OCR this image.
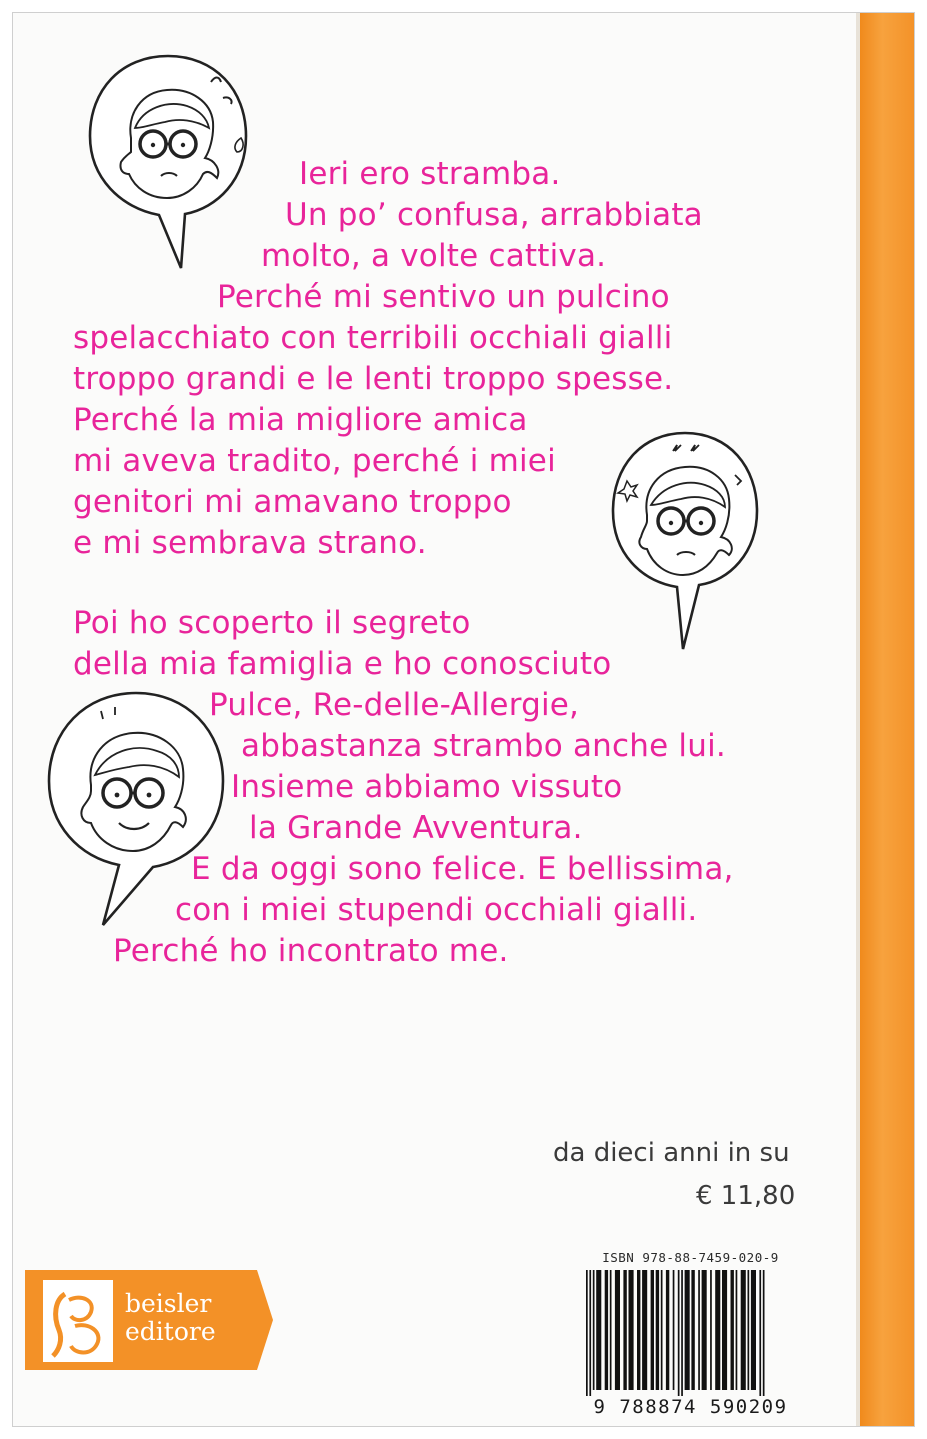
Ieri ero stramba.

Un po’ confusa, arrabbiata

molto, a volte cattiva.

Perché mi sentivo un pulcino

spelacchiato con terribili occhiali gialli

troppo grandi e le lenti troppo spesse.

Perché la mia migliore amica

mi aveva tradito, perché i miei

genitori mi amavano troppo

e mi sembrava strano.

Poi ho scoperto il segreto

della mia famiglia e ho conosciuto

Pulce, Re-delle-Allergie,

abbastanza strambo anche lui.

Insieme abbiamo vissuto

la Grande Avventura.

E da oggi sono felice. E bellissima,

con i miei stupendi occhiali gialli.

Perché ho incontrato me.

da dieci anni in su

€ 11,80

ISBN 978-88-7459-020-9

9 788874 590209

beisler

editore
